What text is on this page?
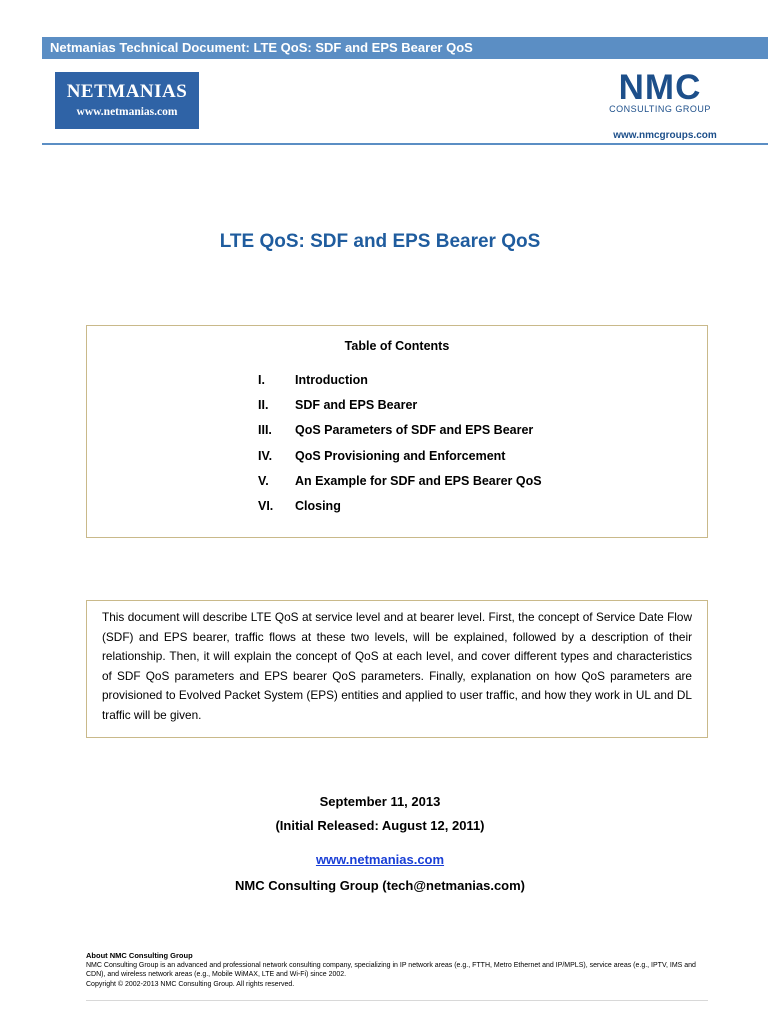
Netmanias Technical Document: LTE QoS: SDF and EPS Bearer QoS
NETMANIAS
www.netmanias.com
NMC
CONSULTING GROUP
www.nmcgroups.com
LTE QoS: SDF and EPS Bearer QoS
Table of Contents
I. Introduction
II. SDF and EPS Bearer
III. QoS Parameters of SDF and EPS Bearer
IV. QoS Provisioning and Enforcement
V. An Example for SDF and EPS Bearer QoS
VI. Closing

This document will describe LTE QoS at service level and at bearer level. First, the concept of Service Date Flow (SDF) and EPS bearer, traffic flows at these two levels, will be explained, followed by a description of their relationship. Then, it will explain the concept of QoS at each level, and cover different types and characteristics of SDF QoS parameters and EPS bearer QoS parameters. Finally, explanation on how QoS parameters are provisioned to Evolved Packet System (EPS) entities and applied to user traffic, and how they work in UL and DL traffic will be given.

September 11, 2013
(Initial Released: August 12, 2011)
www.netmanias.com
NMC Consulting Group (tech@netmanias.com)
About NMC Consulting Group
NMC Consulting Group is an advanced and professional network consulting company, specializing in IP network areas (e.g., FTTH, Metro Ethernet and IP/MPLS), service areas (e.g., IPTV, IMS and CDN), and wireless network areas (e.g., Mobile WiMAX, LTE and Wi-Fi) since 2002.
Copyright © 2002-2013 NMC Consulting Group. All rights reserved.
